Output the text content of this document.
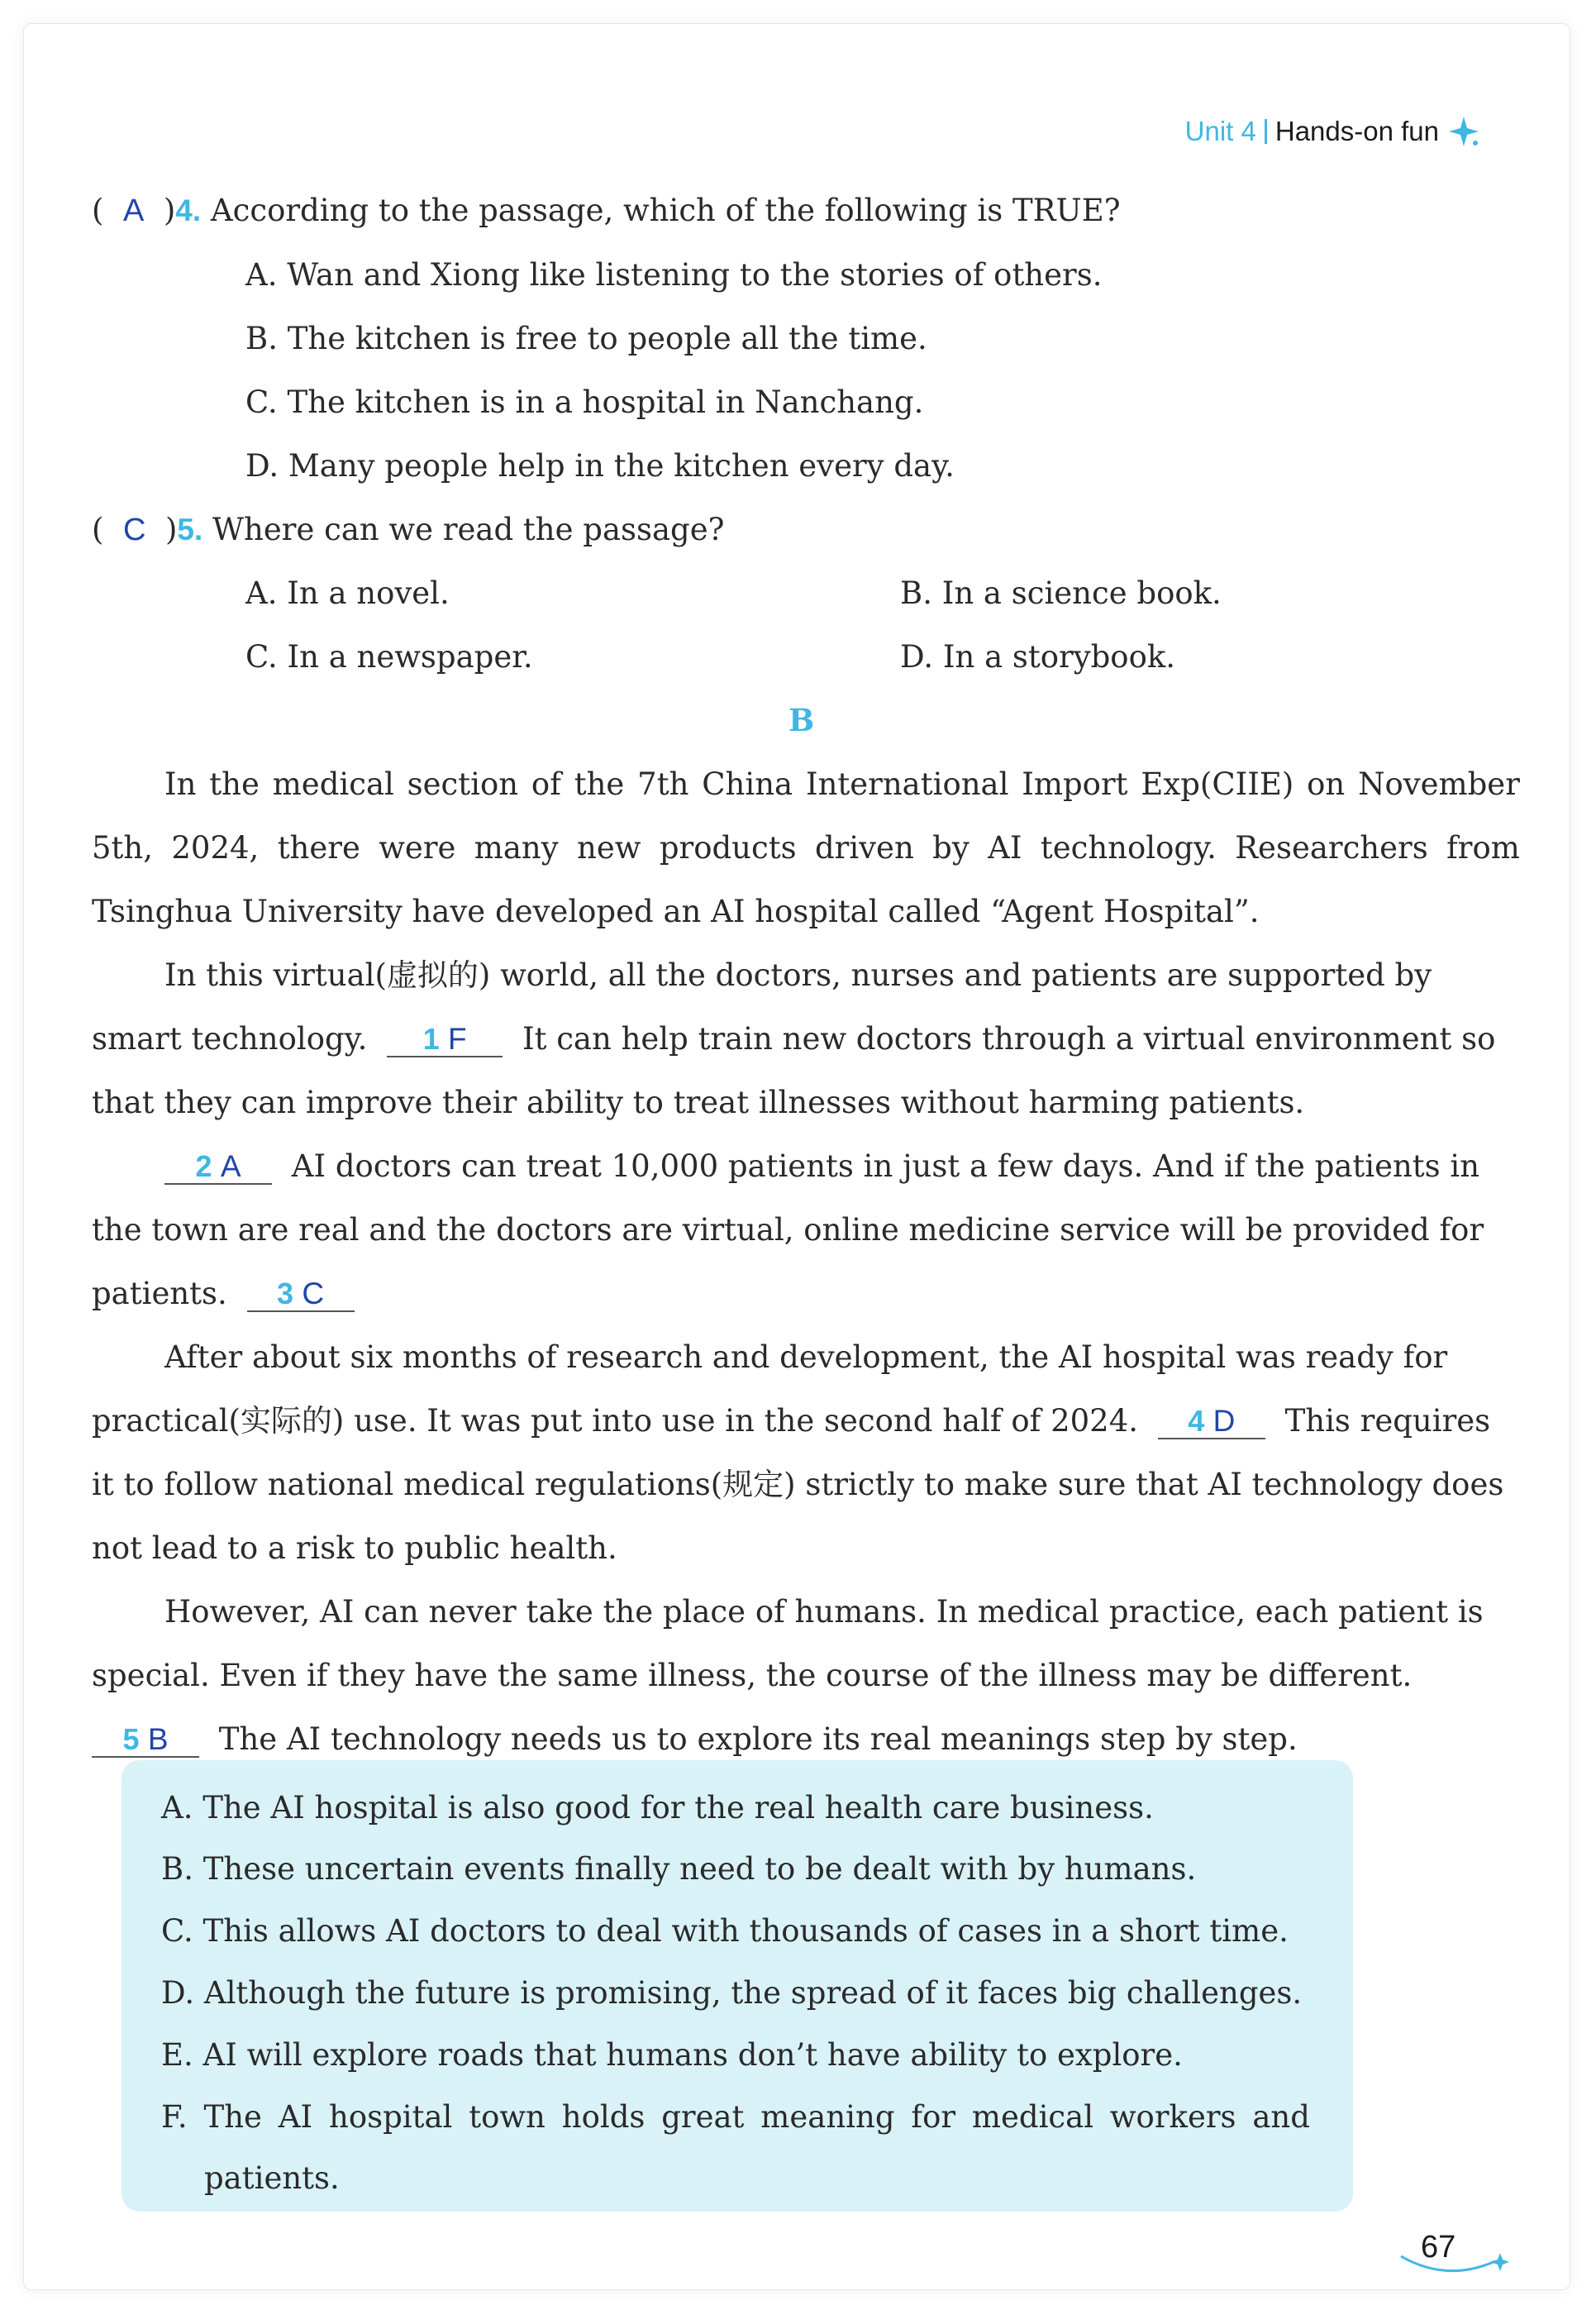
Unit 4 Hands-on fun
(  A  )4. According to the passage, which of the following is TRUE?
A. Wan and Xiong like listening to the stories of others.
B. The kitchen is free to people all the time.
C. The kitchen is in a hospital in Nanchang.
D. Many people help in the kitchen every day.
(  C  )5. Where can we read the passage?
A. In a novel.	B. In a science book.
C. In a newspaper.	D. In a storybook.
B
In the medical section of the 7th China International Import Exp(CIIE) on November
5th, 2024, there were many new products driven by AI technology. Researchers from
Tsinghua University have developed an AI hospital called “Agent Hospital”.
In this virtual(虚拟的) world, all the doctors, nurses and patients are supported by
smart technology. 1 F It can help train new doctors through a virtual environment so
that they can improve their ability to treat illnesses without harming patients.
2 A AI doctors can treat 10,000 patients in just a few days. And if the patients in
the town are real and the doctors are virtual, online medicine service will be provided for
patients. 3 C
After about six months of research and development, the AI hospital was ready for
practical(实际的) use. It was put into use in the second half of 2024. 4 D This requires
it to follow national medical regulations(规定) strictly to make sure that AI technology does
not lead to a risk to public health.
However, AI can never take the place of humans. In medical practice, each patient is
special. Even if they have the same illness, the course of the illness may be different.
5 B The AI technology needs us to explore its real meanings step by step.
A. The AI hospital is also good for the real health care business.
B. These uncertain events finally need to be dealt with by humans.
C. This allows AI doctors to deal with thousands of cases in a short time.
D. Although the future is promising, the spread of it faces big challenges.
E. AI will explore roads that humans don’t have ability to explore.
F. The AI hospital town holds great meaning for medical workers and
patients.
67
